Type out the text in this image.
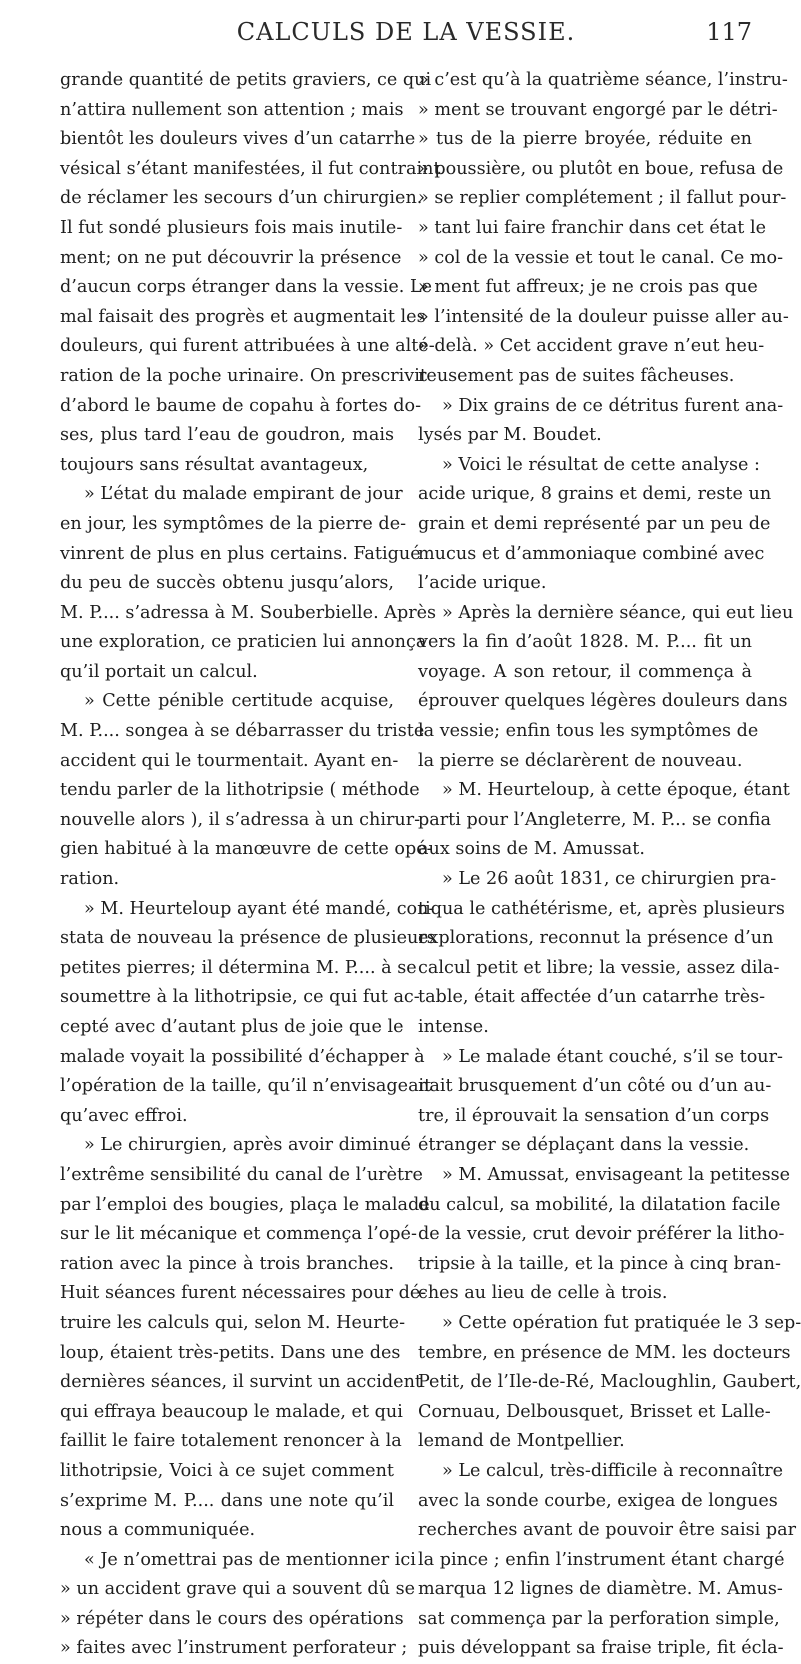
CALCULS DE LA VESSIE.	117
grande quantité de petits graviers, ce qui
n’attira nullement son attention ; mais
bientôt les douleurs vives d’un catarrhe
vésical s’étant manifestées, il fut contraint
de réclamer les secours d’un chirurgien.
Il fut sondé plusieurs fois mais inutile-
ment; on ne put découvrir la présence
d’aucun corps étranger dans la vessie. Le
mal faisait des progrès et augmentait les
douleurs, qui furent attribuées à une alté-
ration de la poche urinaire. On prescrivit
d’abord le baume de copahu à fortes do-
ses, plus tard l’eau de goudron, mais
toujours sans résultat avantageux,
» L’état du malade empirant de jour
en jour, les symptômes de la pierre de-
vinrent de plus en plus certains. Fatigué
du peu de succès obtenu jusqu’alors,
M. P.... s’adressa à M. Souberbielle. Après
une exploration, ce praticien lui annonça
qu’il portait un calcul.
» Cette pénible certitude acquise,
M. P.... songea à se débarrasser du triste
accident qui le tourmentait. Ayant en-
tendu parler de la lithotripsie ( méthode
nouvelle alors ), il s’adressa à un chirur-
gien habitué à la manœuvre de cette opé-
ration.
» M. Heurteloup ayant été mandé, con-
stata de nouveau la présence de plusieurs
petites pierres; il détermina M. P.... à se
soumettre à la lithotripsie, ce qui fut ac-
cepté avec d’autant plus de joie que le
malade voyait la possibilité d’échapper à
l’opération de la taille, qu’il n’envisageait
qu’avec effroi.
» Le chirurgien, après avoir diminué
l’extrême sensibilité du canal de l’urètre
par l’emploi des bougies, plaça le malade
sur le lit mécanique et commença l’opé-
ration avec la pince à trois branches.
Huit séances furent nécessaires pour dé-
truire les calculs qui, selon M. Heurte-
loup, étaient très-petits. Dans une des
dernières séances, il survint un accident
qui effraya beaucoup le malade, et qui
faillit le faire totalement renoncer à la
lithotripsie, Voici à ce sujet comment
s’exprime M. P.... dans une note qu’il
nous a communiquée.
« Je n’omettrai pas de mentionner ici
» un accident grave qui a souvent dû se
» répéter dans le cours des opérations
» faites avec l’instrument perforateur ;
» c’est qu’à la quatrième séance, l’instru-
» ment se trouvant engorgé par le détri-
» tus de la pierre broyée, réduite en
» poussière, ou plutôt en boue, refusa de
» se replier complétement ; il fallut pour-
» tant lui faire franchir dans cet état le
» col de la vessie et tout le canal. Ce mo-
» ment fut affreux; je ne crois pas que
» l’intensité de la douleur puisse aller au-
» delà. » Cet accident grave n’eut heu-
reusement pas de suites fâcheuses.
» Dix grains de ce détritus furent ana-
lysés par M. Boudet.
» Voici le résultat de cette analyse :
acide urique, 8 grains et demi, reste un
grain et demi représenté par un peu de
mucus et d’ammoniaque combiné avec
l’acide urique.
» Après la dernière séance, qui eut lieu
vers la fin d’août 1828. M. P.... fit un
voyage. A son retour, il commença à
éprouver quelques légères douleurs dans
la vessie; enfin tous les symptômes de
la pierre se déclarèrent de nouveau.
» M. Heurteloup, à cette époque, étant
parti pour l’Angleterre, M. P... se confia
aux soins de M. Amussat.
» Le 26 août 1831, ce chirurgien pra-
tiqua le cathétérisme, et, après plusieurs
explorations, reconnut la présence d’un
calcul petit et libre; la vessie, assez dila-
table, était affectée d’un catarrhe très-
intense.
» Le malade étant couché, s’il se tour-
nait brusquement d’un côté ou d’un au-
tre, il éprouvait la sensation d’un corps
étranger se déplaçant dans la vessie.
» M. Amussat, envisageant la petitesse
du calcul, sa mobilité, la dilatation facile
de la vessie, crut devoir préférer la litho-
tripsie à la taille, et la pince à cinq bran-
ches au lieu de celle à trois.
» Cette opération fut pratiquée le 3 sep-
tembre, en présence de MM. les docteurs
Petit, de l’Ile-de-Ré, Macloughlin, Gaubert,
Cornuau, Delbousquet, Brisset et Lalle-
lemand de Montpellier.
» Le calcul, très-difficile à reconnaître
avec la sonde courbe, exigea de longues
recherches avant de pouvoir être saisi par
la pince ; enfin l’instrument étant chargé
marqua 12 lignes de diamètre. M. Amus-
sat commença par la perforation simple,
puis développant sa fraise triple, fit écla-
